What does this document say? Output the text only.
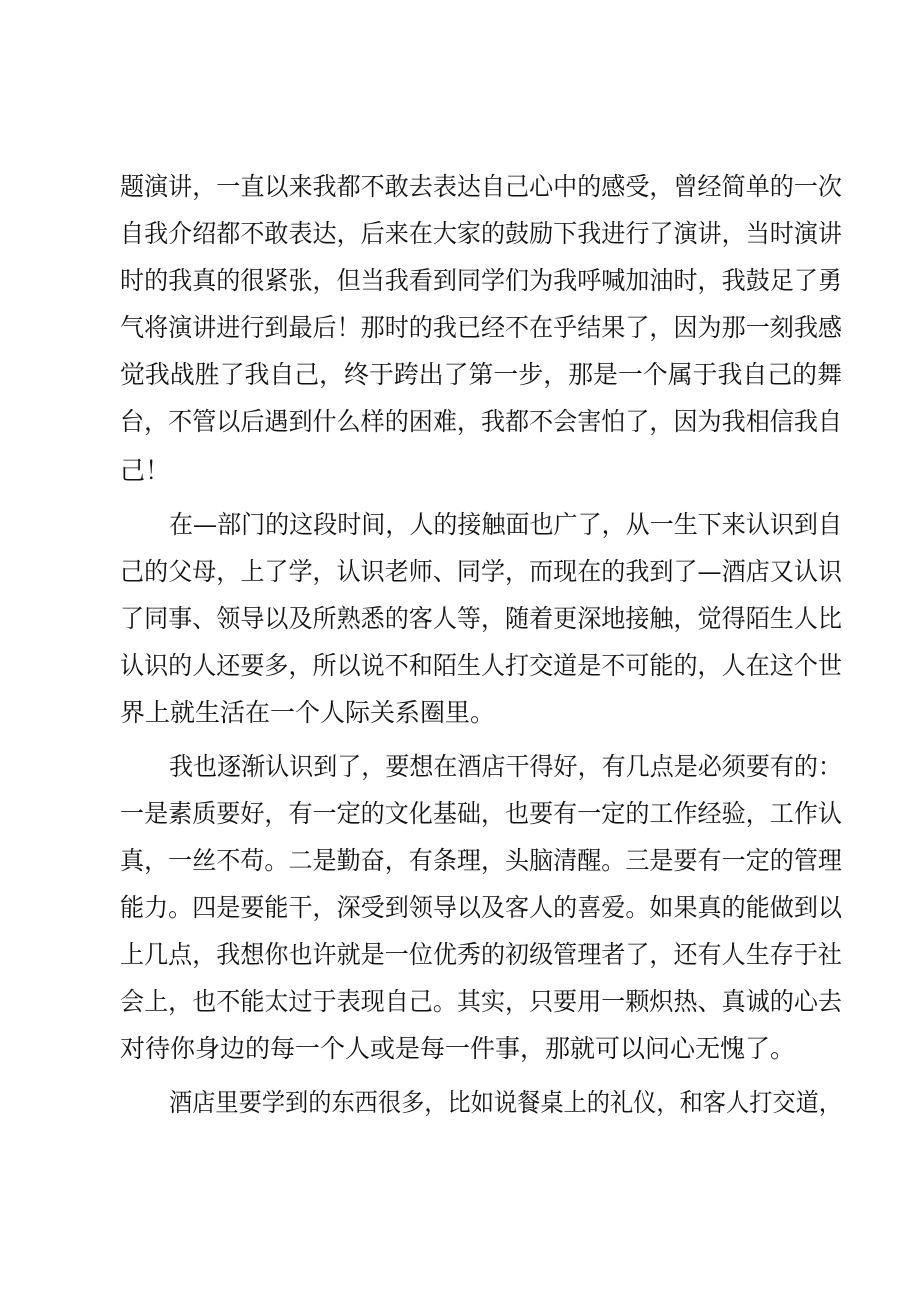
题演讲，一直以来我都不敢去表达自己心中的感受，曾经简单的一次
自我介绍都不敢表达，后来在大家的鼓励下我进行了演讲，当时演讲
时的我真的很紧张，但当我看到同学们为我呼喊加油时，我鼓足了勇
气将演讲进行到最后！那时的我已经不在乎结果了，因为那一刻我感
觉我战胜了我自己，终于跨出了第一步，那是一个属于我自己的舞
台，不管以后遇到什么样的困难，我都不会害怕了，因为我相信我自
己！
在—部门的这段时间，人的接触面也广了，从一生下来认识到自
己的父母，上了学，认识老师、同学，而现在的我到了—酒店又认识
了同事、领导以及所熟悉的客人等，随着更深地接触，觉得陌生人比
认识的人还要多，所以说不和陌生人打交道是不可能的，人在这个世
界上就生活在一个人际关系圈里。
我也逐渐认识到了，要想在酒店干得好，有几点是必须要有的：
一是素质要好，有一定的文化基础，也要有一定的工作经验，工作认
真，一丝不苟。二是勤奋，有条理，头脑清醒。三是要有一定的管理
能力。四是要能干，深受到领导以及客人的喜爱。如果真的能做到以
上几点，我想你也许就是一位优秀的初级管理者了，还有人生存于社
会上，也不能太过于表现自己。其实，只要用一颗炽热、真诚的心去
对待你身边的每一个人或是每一件事，那就可以问心无愧了。
酒店里要学到的东西很多，比如说餐桌上的礼仪，和客人打交道，
